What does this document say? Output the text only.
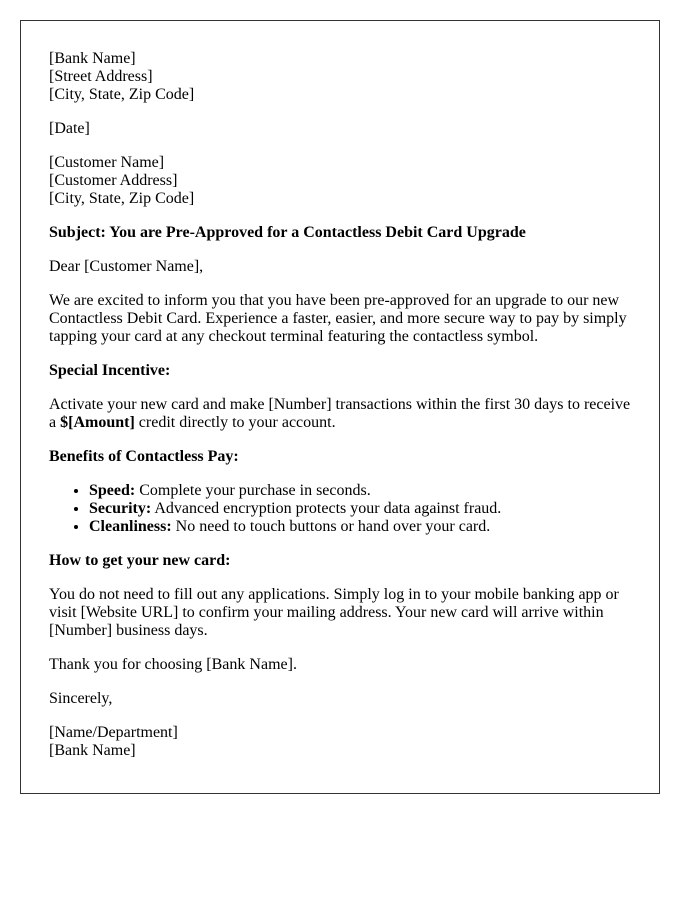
[Bank Name]
[Street Address]
[City, State, Zip Code]
[Date]
[Customer Name]
[Customer Address]
[City, State, Zip Code]

Subject: You are Pre-Approved for a Contactless Debit Card Upgrade

Dear [Customer Name],

We are excited to inform you that you have been pre-approved for an upgrade to our new Contactless Debit Card. Experience a faster, easier, and more secure way to pay by simply tapping your card at any checkout terminal featuring the contactless symbol.

Special Incentive:

Activate your new card and make [Number] transactions within the first 30 days to receive a $[Amount] credit directly to your account.

Benefits of Contactless Pay:

• Speed: Complete your purchase in seconds.
• Security: Advanced encryption protects your data against fraud.
• Cleanliness: No need to touch buttons or hand over your card.

How to get your new card:

You do not need to fill out any applications. Simply log in to your mobile banking app or visit [Website URL] to confirm your mailing address. Your new card will arrive within [Number] business days.

Thank you for choosing [Bank Name].

Sincerely,

[Name/Department]
[Bank Name]
